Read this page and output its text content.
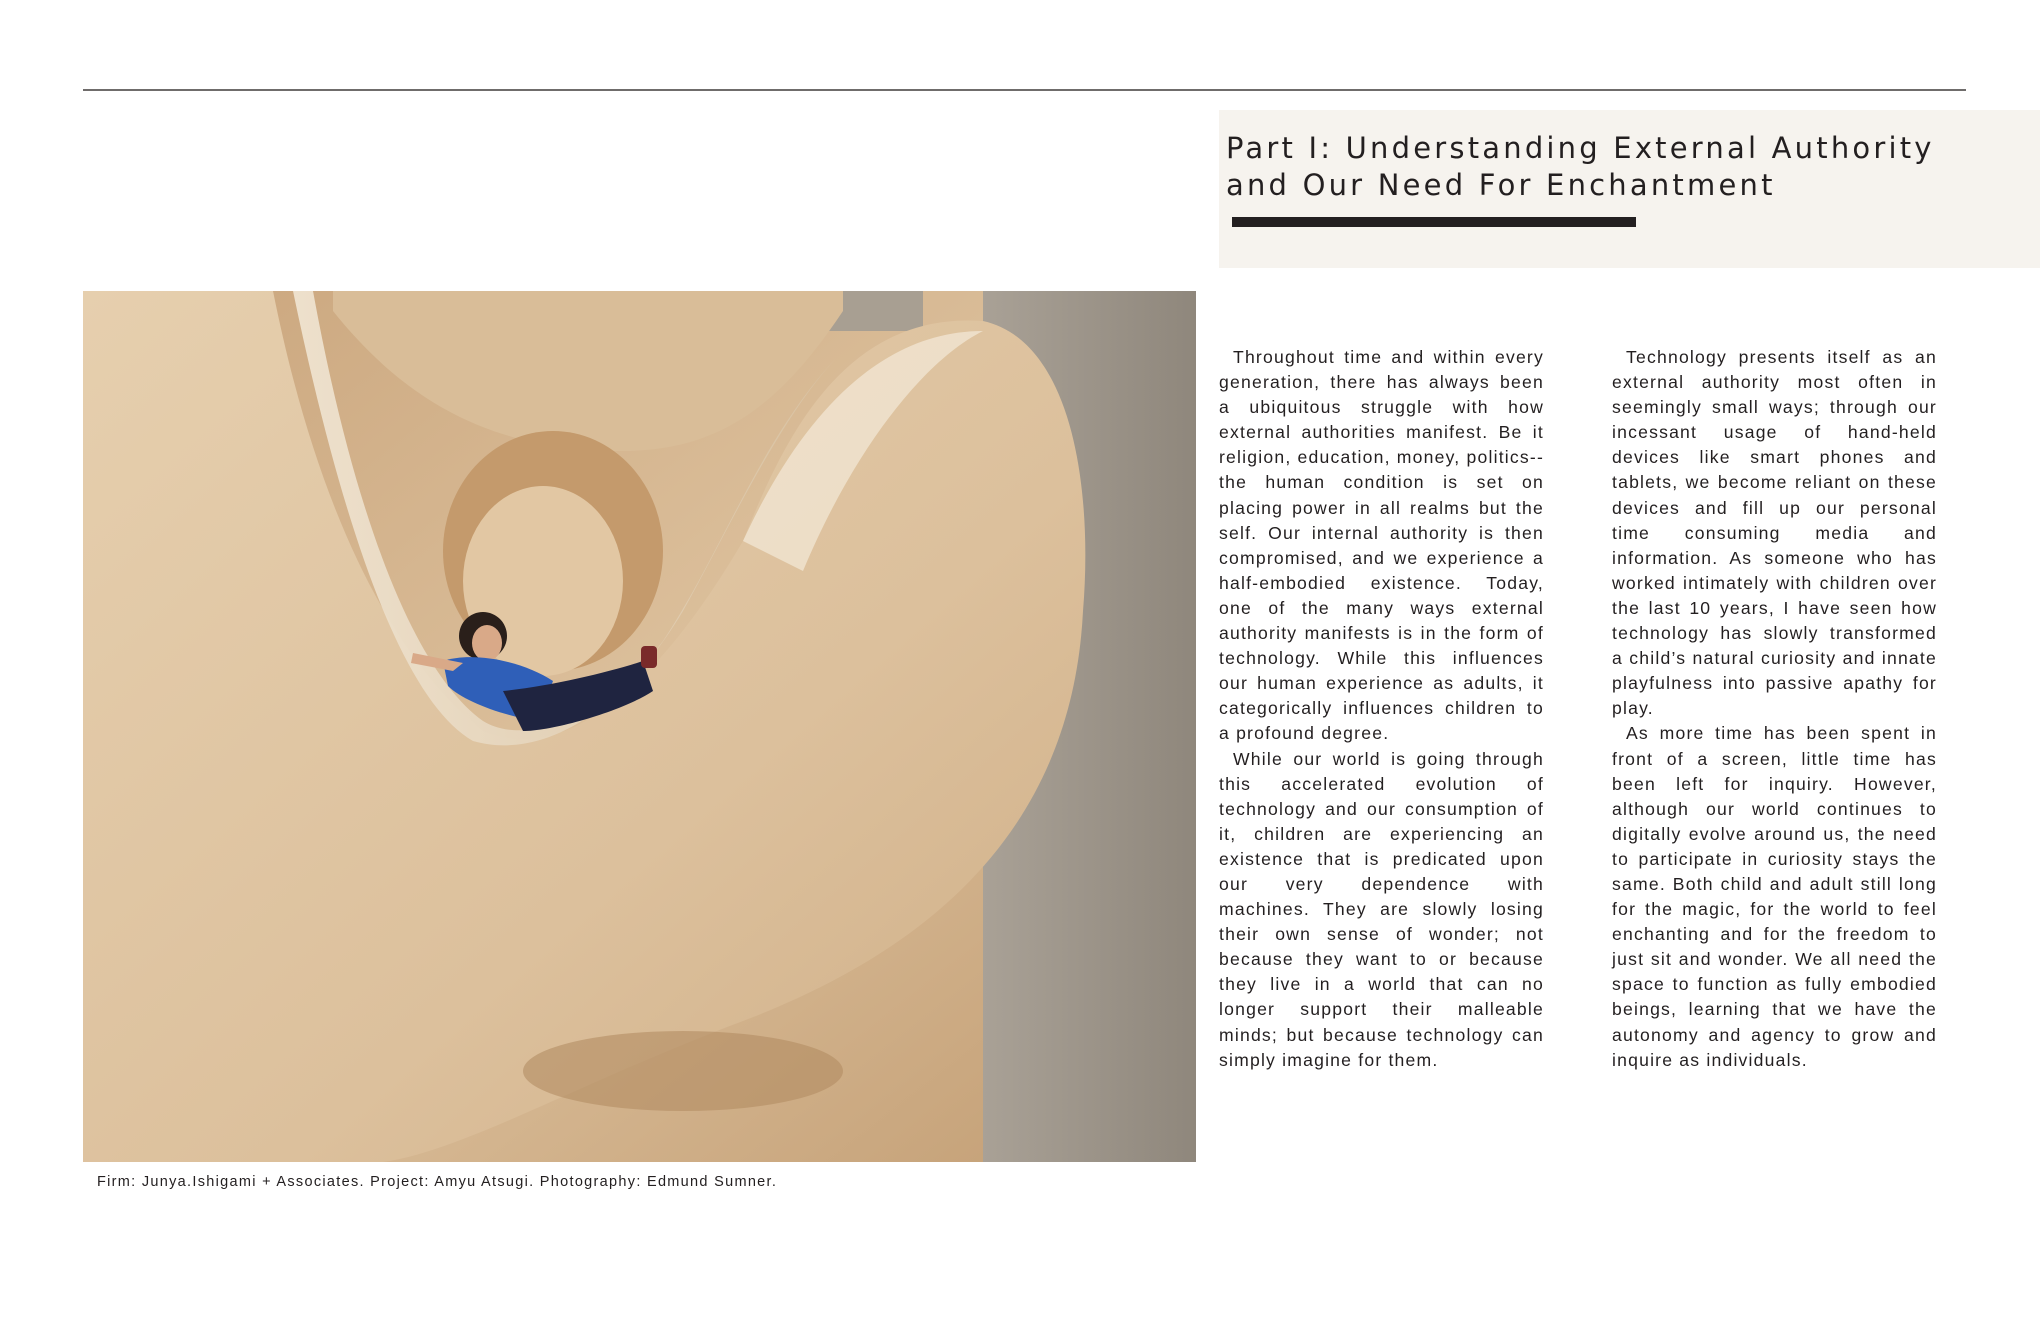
Part I: Understanding External Authority and Our Need For Enchantment
Firm: Junya.Ishigami + Associates. Project: Amyu Atsugi. Photography: Edmund Sumner.

Throughout time and within every generation, there has always been a ubiquitous struggle with how external authorities manifest. Be it religion, education, money, politics--the human condition is set on placing power in all realms but the self. Our internal authority is then compromised, and we experience a half-embodied existence. Today, one of the many ways external authority manifests is in the form of technology. While this influences our human experience as adults, it categorically influences children to a profound degree.

While our world is going through this accelerated evolution of technology and our consumption of it, children are experiencing an existence that is predicated upon our very dependence with machines. They are slowly losing their own sense of wonder; not because they want to or because they live in a world that can no longer support their malleable minds; but because technology can simply imagine for them.

Technology presents itself as an external authority most often in seemingly small ways; through our incessant usage of hand-held devices like smart phones and tablets, we become reliant on these devices and fill up our personal time consuming media and information. As someone who has worked intimately with children over the last 10 years, I have seen how technology has slowly transformed a child’s natural curiosity and innate playfulness into passive apathy for play.

As more time has been spent in front of a screen, little time has been left for inquiry. However, although our world continues to digitally evolve around us, the need to participate in curiosity stays the same. Both child and adult still long for the magic, for the world to feel enchanting and for the freedom to just sit and wonder. We all need the space to function as fully embodied beings, learning that we have the autonomy and agency to grow and inquire as individuals.
